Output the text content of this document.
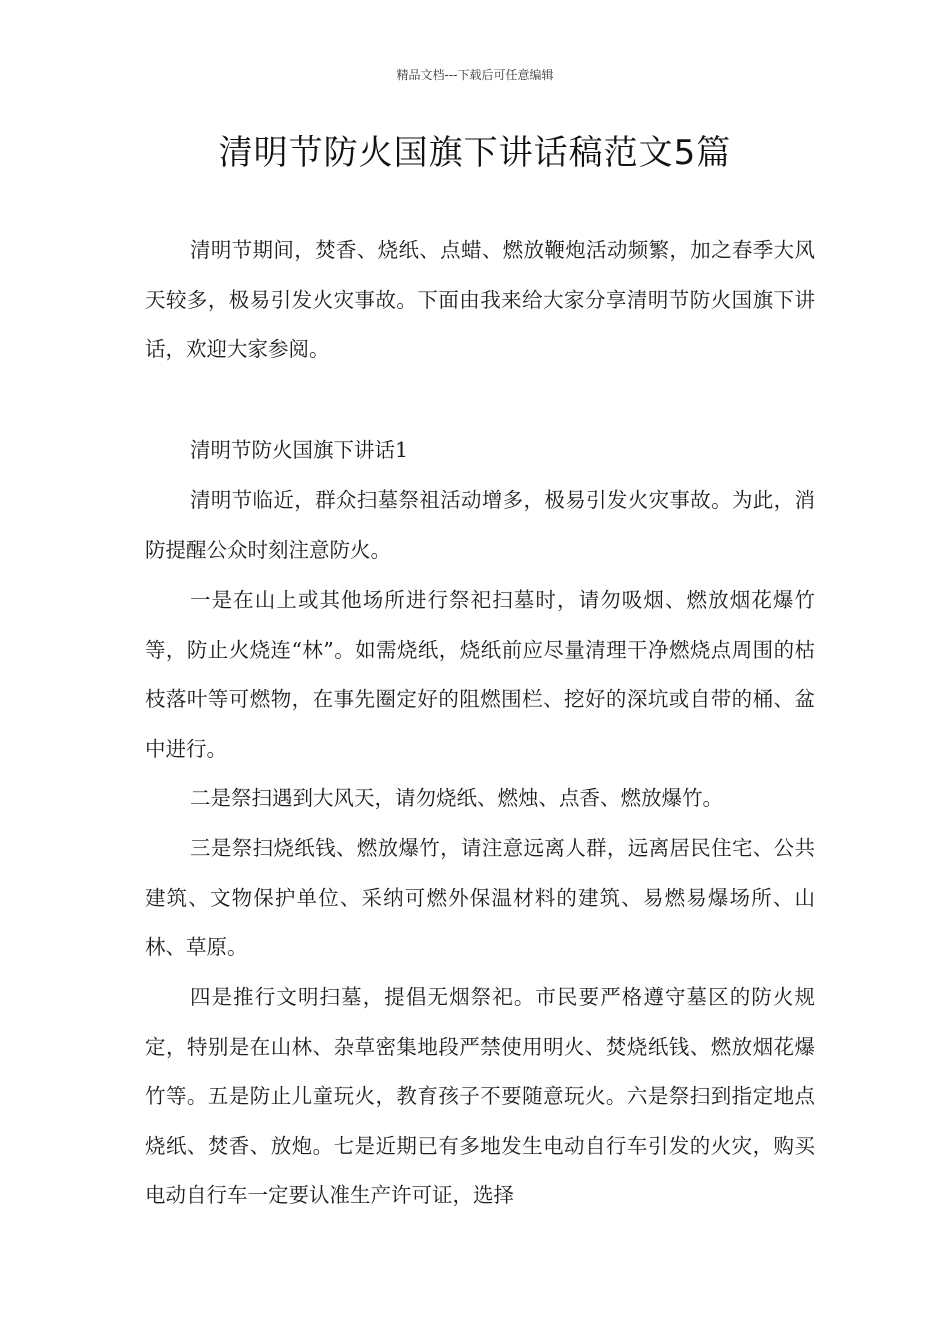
精品文档---下载后可任意编辑
清明节防火国旗下讲话稿范文5篇

清明节期间，焚香、烧纸、点蜡、燃放鞭炮活动频繁，加之春季大风天较多，极易引发火灾事故。下面由我来给大家分享清明节防火国旗下讲话，欢迎大家参阅。

清明节防火国旗下讲话1

清明节临近，群众扫墓祭祖活动增多，极易引发火灾事故。为此，消防提醒公众时刻注意防火。

一是在山上或其他场所进行祭祀扫墓时，请勿吸烟、燃放烟花爆竹等，防止火烧连“林”。如需烧纸，烧纸前应尽量清理干净燃烧点周围的枯枝落叶等可燃物，在事先圈定好的阻燃围栏、挖好的深坑或自带的桶、盆中进行。

二是祭扫遇到大风天，请勿烧纸、燃烛、点香、燃放爆竹。

三是祭扫烧纸钱、燃放爆竹，请注意远离人群，远离居民住宅、公共建筑、文物保护单位、采纳可燃外保温材料的建筑、易燃易爆场所、山林、草原。

四是推行文明扫墓，提倡无烟祭祀。市民要严格遵守墓区的防火规定，特别是在山林、杂草密集地段严禁使用明火、焚烧纸钱、燃放烟花爆竹等。五是防止儿童玩火，教育孩子不要随意玩火。六是祭扫到指定地点烧纸、焚香、放炮。七是近期已有多地发生电动自行车引发的火灾，购买电动自行车一定要认准生产许可证，选择
